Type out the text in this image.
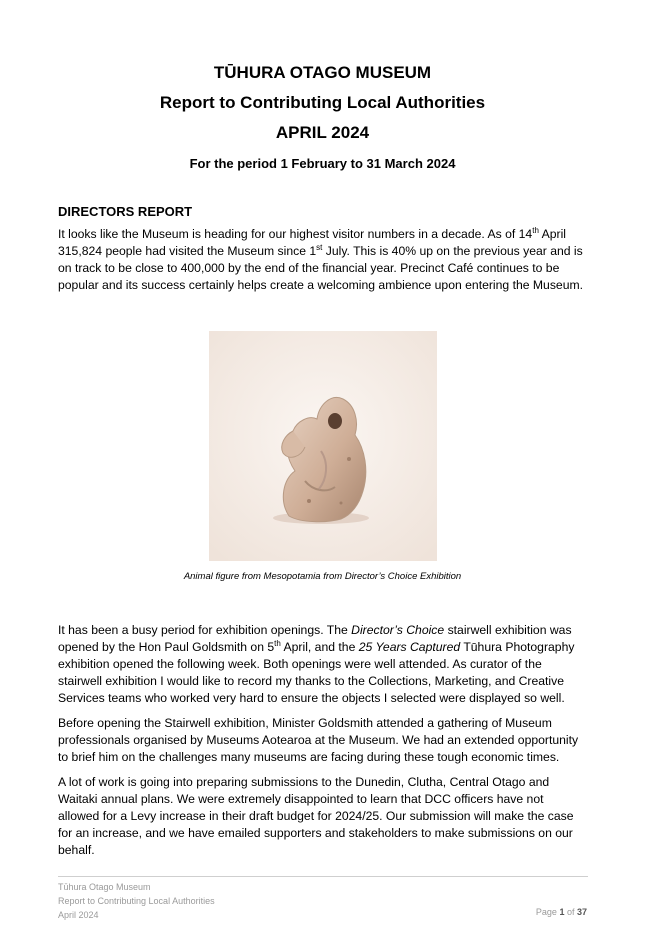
TŪHURA OTAGO MUSEUM
Report to Contributing Local Authorities
APRIL 2024
For the period 1 February to 31 March 2024
DIRECTORS REPORT

It looks like the Museum is heading for our highest visitor numbers in a decade. As of 14th April 315,824 people had visited the Museum since 1st July. This is 40% up on the previous year and is on track to be close to 400,000 by the end of the financial year. Precinct Café continues to be popular and its success certainly helps create a welcoming ambience upon entering the Museum.

Animal figure from Mesopotamia from Director’s Choice Exhibition

It has been a busy period for exhibition openings. The Director’s Choice stairwell exhibition was opened by the Hon Paul Goldsmith on 5th April, and the 25 Years Captured Tūhura Photography exhibition opened the following week. Both openings were well attended. As curator of the stairwell exhibition I would like to record my thanks to the Collections, Marketing, and Creative Services teams who worked very hard to ensure the objects I selected were displayed so well.

Before opening the Stairwell exhibition, Minister Goldsmith attended a gathering of Museum professionals organised by Museums Aotearoa at the Museum. We had an extended opportunity to brief him on the challenges many museums are facing during these tough economic times.

A lot of work is going into preparing submissions to the Dunedin, Clutha, Central Otago and Waitaki annual plans. We were extremely disappointed to learn that DCC officers have not allowed for a Levy increase in their draft budget for 2024/25. Our submission will make the case for an increase, and we have emailed supporters and stakeholders to make submissions on our behalf.

Tūhura Otago Museum
Report to Contributing Local Authorities
April 2024	Page 1 of 37
